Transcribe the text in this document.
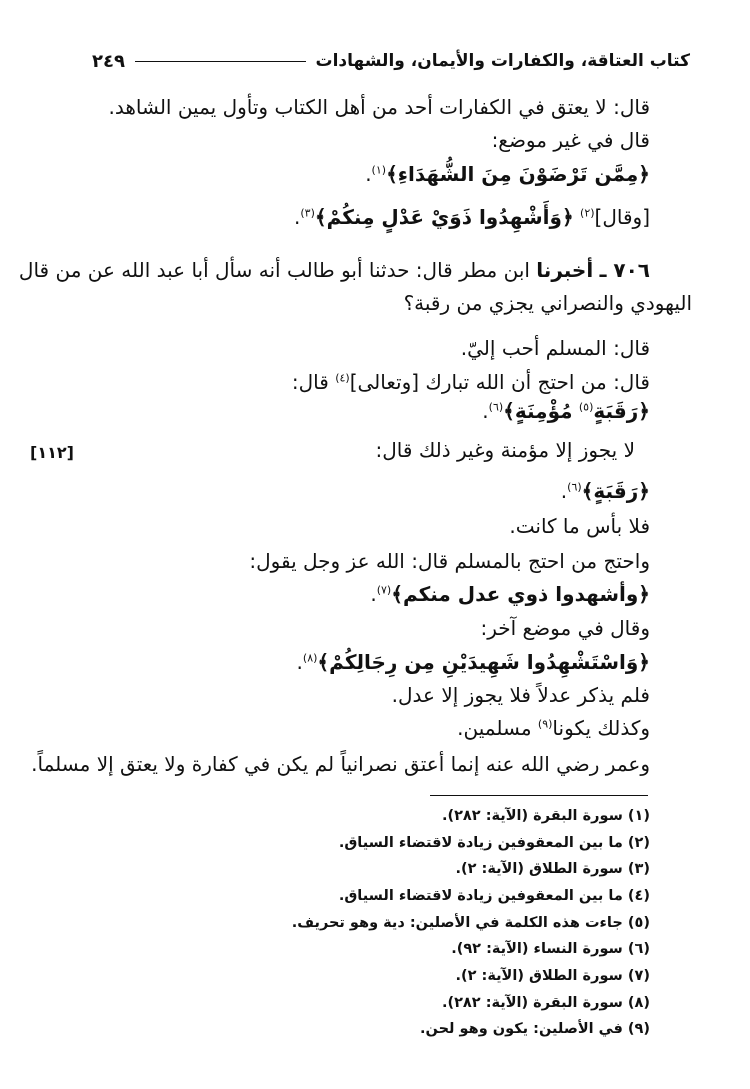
كتاب العتاقة، والكفارات والأيمان، والشهادات
٢٤٩
[١١٢]
قال: لا يعتق في الكفارات أحد من أهل الكتاب وتأول يمين الشاهد.
قال في غير موضع:
﴿مِمَّن تَرْضَوْنَ مِنَ الشُّهَدَاءِ﴾$^{(١)}$.
[وقال]$^{(٢)}$ ﴿وَأَشْهِدُوا ذَوَيْ عَدْلٍ مِنكُمْ﴾$^{(٣)}$.
٧٠٦ ـ أخبرنا ابن مطر قال: حدثنا أبو طالب أنه سأل أبا عبد الله عن من قال
اليهودي والنصراني يجزي من رقبة؟
قال: المسلم أحب إليّ.
قال: من احتج أن الله تبارك [وتعالى]$^{(٤)}$ قال:
﴿رَقَبَةٍ$^{(٥)}$ مُؤْمِنَةٍ﴾$^{(٦)}$.
لا يجوز إلا مؤمنة وغير ذلك قال:
﴿رَقَبَةٍ﴾$^{(٦)}$.
فلا بأس ما كانت.
واحتج من احتج بالمسلم قال: الله عز وجل يقول:
﴿وأشهدوا ذوي عدل منكم﴾$^{(٧)}$.
وقال في موضع آخر:
﴿وَاسْتَشْهِدُوا شَهِيدَيْنِ مِن رِجَالِكُمْ﴾$^{(٨)}$.
فلم يذكر عدلاً فلا يجوز إلا عدل.
وكذلك يكونا$^{(٩)}$ مسلمين.
وعمر رضي الله عنه إنما أعتق نصرانياً لم يكن في كفارة ولا يعتق إلا مسلماً.
(١) سورة البقرة (الآية: ٢٨٢).
(٢) ما بين المعقوفين زيادة لاقتضاء السياق.
(٣) سورة الطلاق (الآية: ٢).
(٤) ما بين المعقوفين زيادة لاقتضاء السياق.
(٥) جاءت هذه الكلمة في الأصلين: دية وهو تحريف.
(٦) سورة النساء (الآية: ٩٢).
(٧) سورة الطلاق (الآية: ٢).
(٨) سورة البقرة (الآية: ٢٨٢).
(٩) في الأصلين: يكون وهو لحن.
